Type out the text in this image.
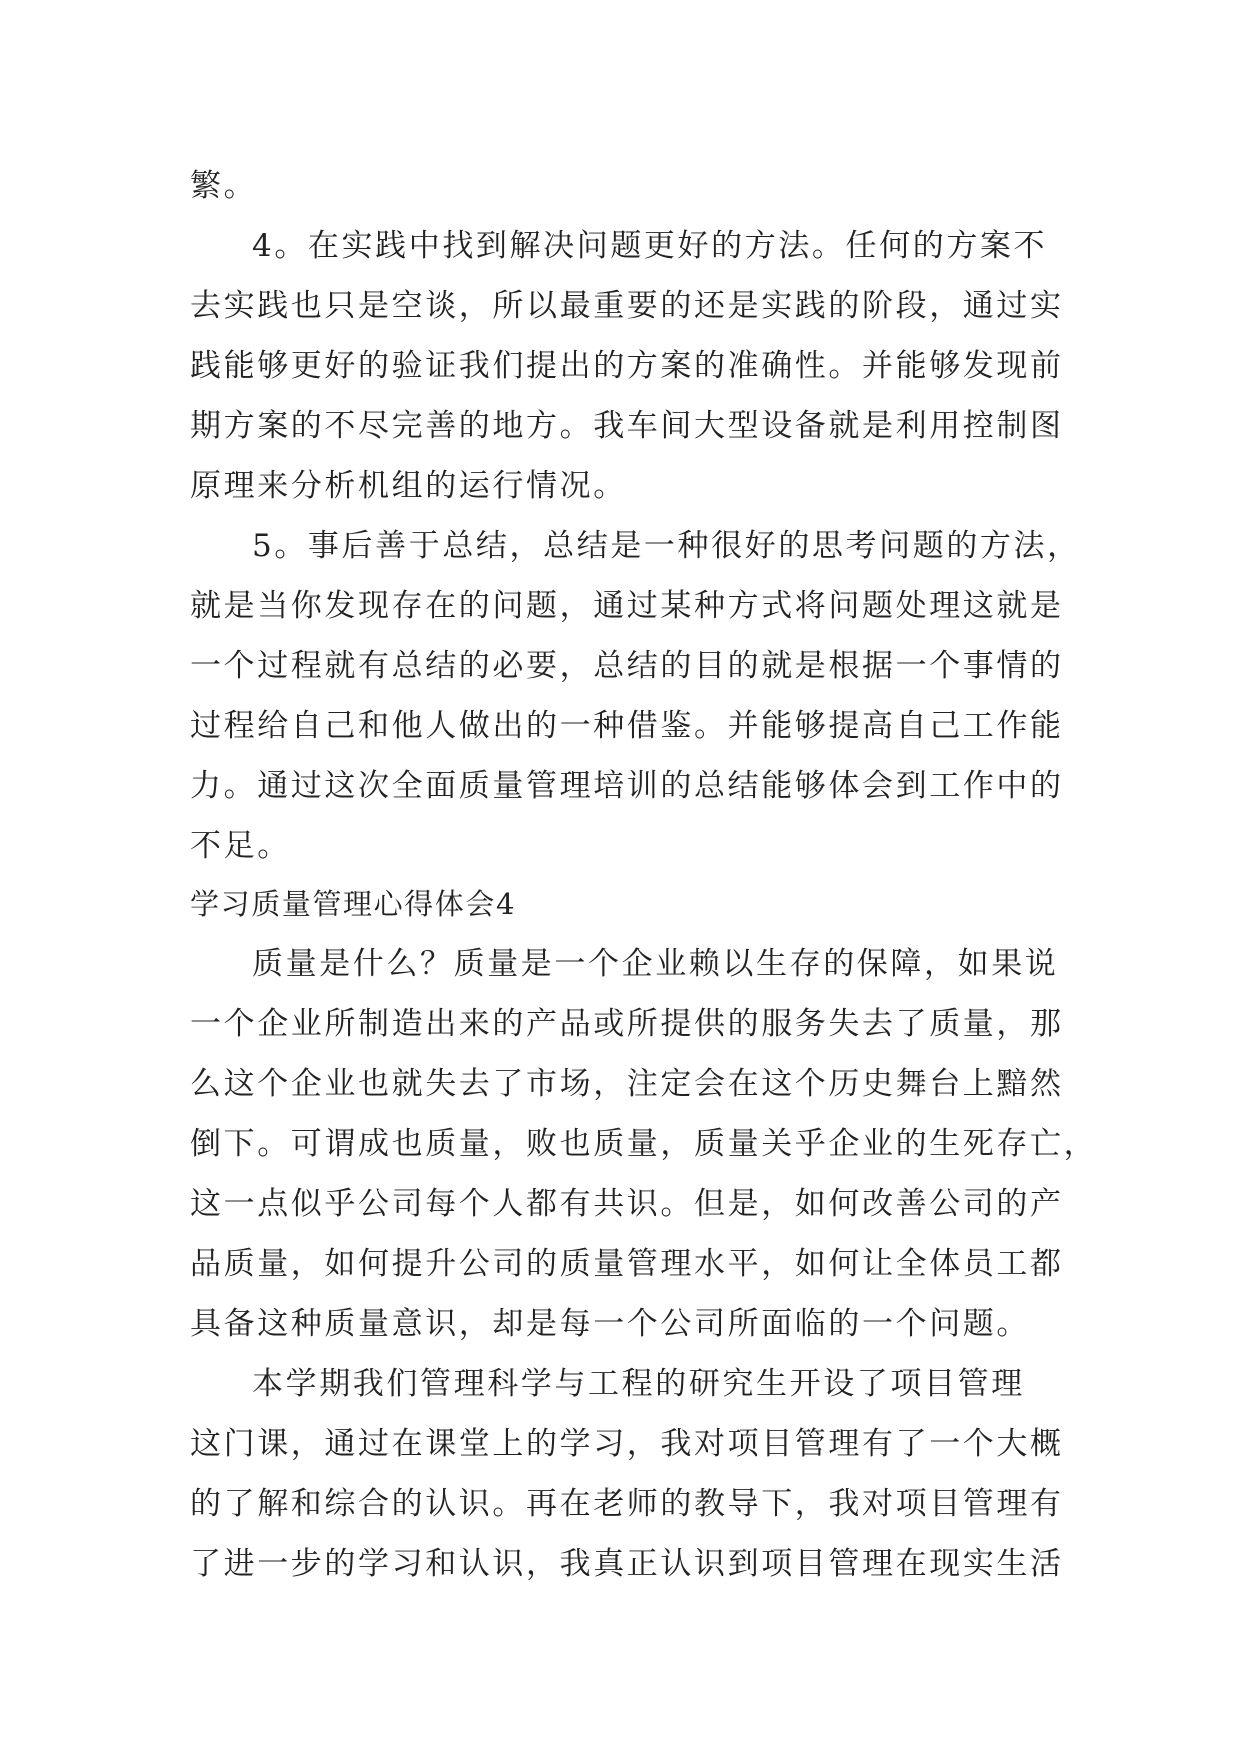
繁。
4。在实践中找到解决问题更好的方法。任何的方案不
去实践也只是空谈，所以最重要的还是实践的阶段，通过实
践能够更好的验证我们提出的方案的准确性。并能够发现前
期方案的不尽完善的地方。我车间大型设备就是利用控制图
原理来分析机组的运行情况。
5。事后善于总结，总结是一种很好的思考问题的方法，
就是当你发现存在的问题，通过某种方式将问题处理这就是
一个过程就有总结的必要，总结的目的就是根据一个事情的
过程给自己和他人做出的一种借鉴。并能够提高自己工作能
力。通过这次全面质量管理培训的总结能够体会到工作中的
不足。
学习质量管理心得体会4
质量是什么？质量是一个企业赖以生存的保障，如果说
一个企业所制造出来的产品或所提供的服务失去了质量，那
么这个企业也就失去了市场，注定会在这个历史舞台上黯然
倒下。可谓成也质量，败也质量，质量关乎企业的生死存亡，
这一点似乎公司每个人都有共识。但是，如何改善公司的产
品质量，如何提升公司的质量管理水平，如何让全体员工都
具备这种质量意识，却是每一个公司所面临的一个问题。
本学期我们管理科学与工程的研究生开设了项目管理
这门课，通过在课堂上的学习，我对项目管理有了一个大概
的了解和综合的认识。再在老师的教导下，我对项目管理有
了进一步的学习和认识，我真正认识到项目管理在现实生活
